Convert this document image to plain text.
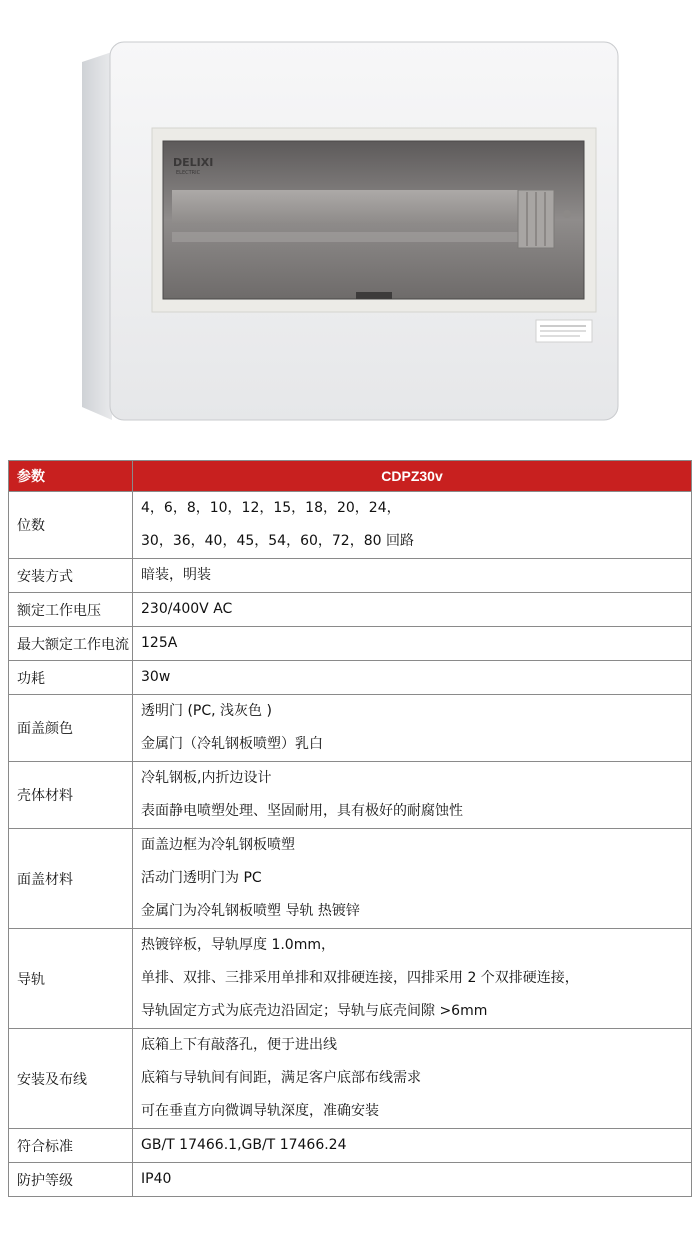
DELIXI
ELECTRIC
参数	CDPZ30v
位数	4，6，8，10，12，15，18，20，24，
30，36，40，45，54，60，72，80 回路

安装方式	暗装，明装

额定工作电压	230/400V AC

最大额定工作电流	125A

功耗	30w

面盖颜色	透明门 (PC, 浅灰色 )
金属门（冷轧钢板喷塑）乳白

壳体材料	冷轧钢板,内折边设计
表面静电喷塑处理、坚固耐用，具有极好的耐腐蚀性

面盖材料	面盖边框为冷轧钢板喷塑
活动门透明门为 PC
金属门为冷轧钢板喷塑 导轨 热镀锌

导轨	热镀锌板，导轨厚度 1.0mm，
单排、双排、三排采用单排和双排硬连接，四排采用 2 个双排硬连接，
导轨固定方式为底壳边沿固定；导轨与底壳间隙 >6mm

安装及布线	底箱上下有敲落孔，便于进出线
底箱与导轨间有间距，满足客户底部布线需求
可在垂直方向微调导轨深度，准确安装

符合标准	GB/T 17466.1,GB/T 17466.24

防护等级	IP40
